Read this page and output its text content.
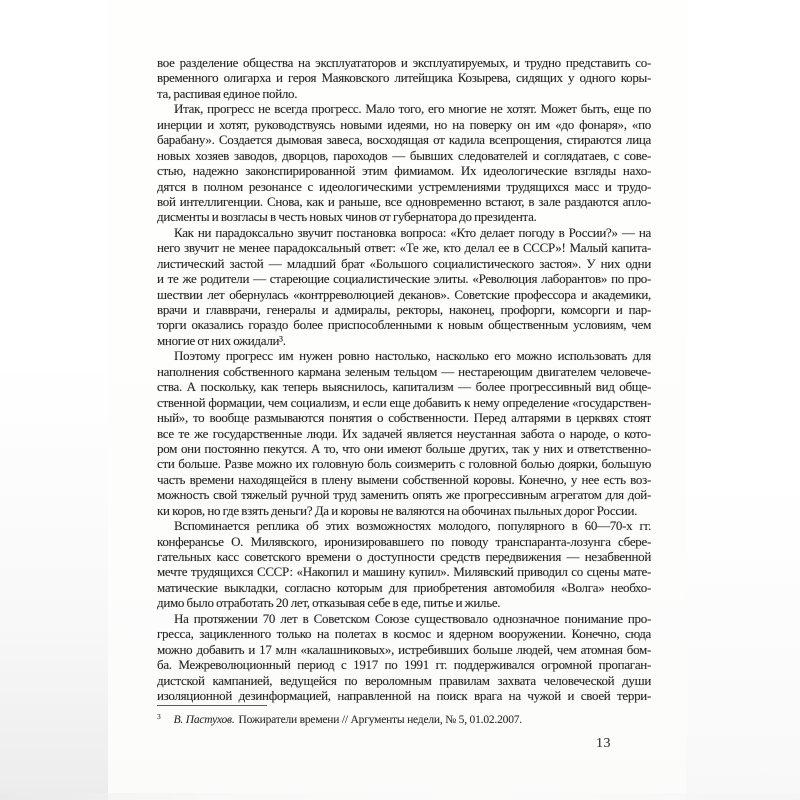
вое разделение общества на эксплуататоров и эксплуатируемых, и трудно представить со-
временного олигарха и героя Маяковского литейщика Козырева, сидящих у одного коры-
та, распивая единое пойло.
Итак, прогресс не всегда прогресс. Мало того, его многие не хотят. Может быть, еще по
инерции и хотят, руководствуясь новыми идеями, но на поверку он им «до фонаря», «по
барабану». Создается дымовая завеса, восходящая от кадила всепрощения, стираются лица
новых хозяев заводов, дворцов, пароходов — бывших следователей и соглядатаев, с сове-
стью, надежно законспирированной этим фимиамом. Их идеологические взгляды нахо-
дятся в полном резонансе с идеологическими устремлениями трудящихся масс и трудо-
вой интеллигенции. Снова, как и раньше, все одновременно встают, в зале раздаются апло-
дисменты и возгласы в честь новых чинов от губернатора до президента.
Как ни парадоксально звучит постановка вопроса: «Кто делает погоду в России?» — на
него звучит не менее парадоксальный ответ: «Те же, кто делал ее в СССР»! Малый капита-
листический застой — младший брат «Большого социалистического застоя». У них одни
и те же родители — стареющие социалистические элиты. «Революция лаборантов» по про-
шествии лет обернулась «контрреволюцией деканов». Советские профессора и академики,
врачи и главврачи, генералы и адмиралы, ректоры, наконец, профорги, комсорги и пар-
торги оказались гораздо более приспособленными к новым общественным условиям, чем
многие от них ожидали³.
Поэтому прогресс им нужен ровно настолько, насколько его можно использовать для
наполнения собственного кармана зеленым тельцом — нестареющим двигателем человече-
ства. А поскольку, как теперь выяснилось, капитализм — более прогрессивный вид обще-
ственной формации, чем социализм, и если еще добавить к нему определение «государствен-
ный», то вообще размываются понятия о собственности. Перед алтарями в церквях стоят
все те же государственные люди. Их задачей является неустанная забота о народе, о кото-
ром они постоянно пекутся. А то, что они имеют больше других, так у них и ответственно-
сти больше. Разве можно их головную боль соизмерить с головной болью доярки, большую
часть времени находящейся в плену вымени собственной коровы. Конечно, у нее есть воз-
можность свой тяжелый ручной труд заменить опять же прогрессивным агрегатом для дой-
ки коров, но где взять деньги? Да и коровы не валяются на обочинах пыльных дорог России.
Вспоминается реплика об этих возможностях молодого, популярного в 60—70-х гг.
конферансье О. Милявского, иронизировавшего по поводу транспаранта-лозунга сбере-
гательных касс советского времени о доступности средств передвижения — незабвенной
мечте трудящихся СССР: «Накопил и машину купил». Милявский приводил со сцены мате-
матические выкладки, согласно которым для приобретения автомобиля «Волга» необхо-
димо было отработать 20 лет, отказывая себе в еде, питье и жилье.
На протяжении 70 лет в Советском Союзе существовало однозначное понимание про-
гресса, зацикленного только на полетах в космос и ядерном вооружении. Конечно, сюда
можно добавить и 17 млн «калашниковых», истребивших больше людей, чем атомная бом-
ба. Межреволюционный период с 1917 по 1991 гг. поддерживался огромной пропаган-
дистской кампанией, ведущейся по вероломным правилам захвата человеческой души
изоляционной дезинформацией, направленной на поиск врага на чужой и своей терри-
$^3$ В. Пастухов. Пожиратели времени // Аргументы недели, № 5, 01.02.2007.
13
